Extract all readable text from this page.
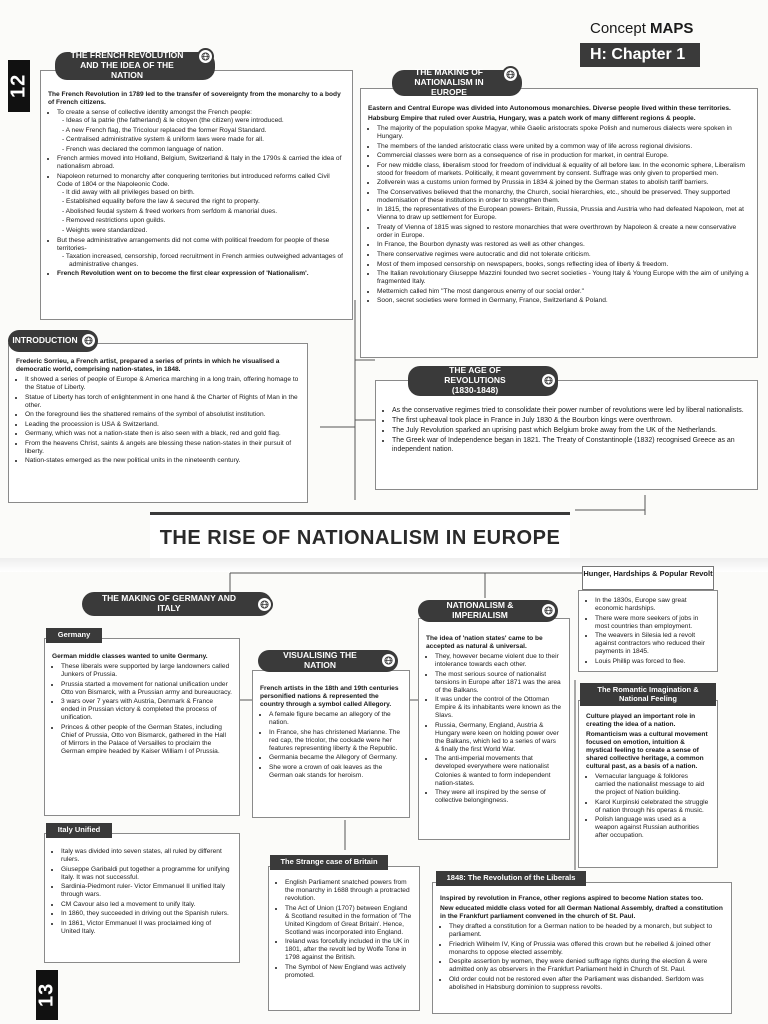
12
13
Concept MAPS
H: Chapter 1

The French Revolution in 1789 led to the transfer of sovereignty from the monarchy to a body of French citizens.

• To create a sense of collective identity amongst the French people:
- Ideas of la patrie (the fatherland) & le citoyen (the citizen) were introduced.
- A new French flag, the Tricolour replaced the former Royal Standard.
- Centralised administrative system & uniform laws were made for all.
- French was declared the common language of nation.
• French armies moved into Holland, Belgium, Switzerland & Italy in the 1790s & carried the idea of nationalism abroad.
• Napoleon returned to monarchy after conquering territories but introduced reforms called Civil Code of 1804 or the Napoleonic Code.
- It did away with all privileges based on birth.
- Established equality before the law & secured the right to property.
- Abolished feudal system & freed workers from serfdom & manorial dues.
- Removed restrictions upon guilds.
- Weights were standardized.
• But these administrative arrangements did not come with political freedom for people of these territories-
- Taxation increased, censorship, forced recruitment in French armies outweighed advantages of administrative changes.
• French Revolution went on to become the first clear expression of 'Nationalism'.
THE FRENCH REVOLUTION AND THE IDEA OF THE NATION

Eastern and Central Europe was divided into Autonomous monarchies. Diverse people lived within these territories.

Habsburg Empire that ruled over Austria, Hungary, was a patch work of many different regions & people.

• The majority of the population spoke Magyar, while Gaelic aristocrats spoke Polish and numerous dialects were spoken in Hungary.
• The members of the landed aristocratic class were united by a common way of life across regional divisions.
• Commercial classes were born as a consequence of rise in production for market, in central Europe.
• For new middle class, liberalism stood for freedom of individual & equality of all before law. In the economic sphere, Liberalism stood for freedom of markets. Politically, it meant government by consent. Suffrage was only given to propertied men.
• Zollverein was a customs union formed by Prussia in 1834 & joined by the German states to abolish tariff barriers.
• The Conservatives believed that the monarchy, the Church, social hierarchies, etc., should be preserved. They supported modernisation of these institutions in order to strengthen them.
• In 1815, the representatives of the European powers- Britain, Russia, Prussia and Austria who had defeated Napoleon, met at Vienna to draw up settlement for Europe.
• Treaty of Vienna of 1815 was signed to restore monarchies that were overthrown by Napoleon & create a new conservative order in Europe.
• In France, the Bourbon dynasty was restored as well as other changes.
• There conservative regimes were autocratic and did not tolerate criticism.
• Most of them imposed censorship on newspapers, books, songs reflecting idea of liberty & freedom.
• The Italian revolutionary Giuseppe Mazzini founded two secret societies - Young Italy & Young Europe with the aim of unifying a fragmented Italy.
• Metternich called him "The most dangerous enemy of our social order."
• Soon, secret societies were formed in Germany, France, Switzerland & Poland.
THE MAKING OF NATIONALISM IN EUROPE

Frederic Sorrieu, a French artist, prepared a series of prints in which he visualised a democratic world, comprising nation-states, in 1848.

• It showed a series of people of Europe & America marching in a long train, offering homage to the Statue of Liberty.
• Statue of Liberty has torch of enlightenment in one hand & the Charter of Rights of Man in the other.
• On the foreground lies the shattered remains of the symbol of absolutist institution.
• Leading the procession is USA & Switzerland.
• Germany, which was not a nation-state then is also seen with a black, red and gold flag.
• From the heavens Christ, saints & angels are blessing these nation-states in their pursuit of liberty.
• Nation-states emerged as the new political units in the nineteenth century.
INTRODUCTION
• As the conservative regimes tried to consolidate their power number of revolutions were led by liberal nationalists.
• The first upheaval took place in France in July 1830 & the Bourbon kings were overthrown.
• The July Revolution sparked an uprising past which Belgium broke away from the UK of the Netherlands.
• The Greek war of Independence began in 1821. The Treaty of Constantinople (1832) recognised Greece as an independent nation.
THE AGE OF REVOLUTIONS
(1830-1848)
THE RISE OF NATIONALISM IN EUROPE
THE MAKING OF GERMANY AND ITALY

German middle classes wanted to unite Germany.

• These liberals were supported by large landowners called Junkers of Prussia.
• Prussia started a movement for national unification under Otto von Bismarck, with a Prussian army and bureaucracy.
• 3 wars over 7 years with Austria, Denmark & France ended in Prussian victory & completed the process of unification.
• Princes & other people of the German States, including Chief of Prussia, Otto von Bismarck, gathered in the Hall of Mirrors in the Palace of Versailles to proclaim the German empire headed by Kaiser William I of Prussia.
Germany
• Italy was divided into seven states, all ruled by different rulers.
• Giuseppe Garibaldi put together a programme for unifying Italy. It was not successful.
• Sardinia-Piedmont ruler- Victor Emmanuel II unified Italy through wars.
• CM Cavour also led a movement to unify Italy.
• In 1860, they succeeded in driving out the Spanish rulers.
• In 1861, Victor Emmanuel II was proclaimed king of United Italy.
Italy Unified

French artists in the 18th and 19th centuries personified nations & represented the country through a symbol called Allegory.

• A female figure became an allegory of the nation.
• In France, she has christened Marianne. The red cap, the tricolor, the cockade were her features representing liberty & the Republic.
• Germania became the Allegory of Germany.
• She wore a crown of oak leaves as the German oak stands for heroism.
VISUALISING THE NATION
• English Parliament snatched powers from the monarchy in 1688 through a protracted revolution.
• The Act of Union (1707) between England & Scotland resulted in the formation of 'The United Kingdom of Great Britain'. Hence, Scotland was incorporated into England.
• Ireland was forcefully included in the UK in 1801, after the revolt led by Wolfe Tone in 1798 against the British.
• The Symbol of New England was actively promoted.
The Strange case of Britain

The idea of 'nation states' came to be accepted as natural & universal.

• They, however became violent due to their intolerance towards each other.
• The most serious source of nationalist tensions in Europe after 1871 was the area of the Balkans.
• It was under the control of the Ottoman Empire & its inhabitants were known as the Slavs.
• Russia, Germany, England, Austria & Hungary were keen on holding power over the Balkans, which led to a series of wars & finally the first World War.
• The anti-imperial movements that developed everywhere were nationalist Colonies & wanted to form independent nation-states.
• They were all inspired by the sense of collective belongingness.
NATIONALISM & IMPERIALISM
• In the 1830s, Europe saw great economic hardships.
• There were more seekers of jobs in most countries than employment.
• The weavers in Silesia led a revolt against contractors who reduced their payments in 1845.
• Louis Phillip was forced to flee.
Hunger, Hardships & Popular Revolt

Culture played an important role in creating the idea of a nation.

Romanticism was a cultural movement focused on emotion, intuition & mystical feeling to create a sense of shared collective heritage, a common cultural past, as a basis of a nation.

• Vernacular language & folklores carried the nationalist message to aid the project of Nation building.
• Karol Kurpinski celebrated the struggle of nation through his operas & music.
• Polish language was used as a weapon against Russian authorities after occupation.
The Romantic Imagination & National Feeling

Inspired by revolution in France, other regions aspired to become Nation states too.

New educated middle class voted for all German National Assembly, drafted a constitution in the Frankfurt parliament convened in the church of St. Paul.

• They drafted a constitution for a German nation to be headed by a monarch, but subject to parliament.
• Friedrich Wilhelm IV, King of Prussia was offered this crown but he rebelled & joined other monarchs to oppose elected assembly.
• Despite assertion by women, they were denied suffrage rights during the election & were admitted only as observers in the Frankfurt Parliament held in Church of St. Paul.
• Old order could not be restored even after the Parliament was disbanded. Serfdom was abolished in Habsburg dominion to suppress revolts.
1848: The Revolution of the Liberals
